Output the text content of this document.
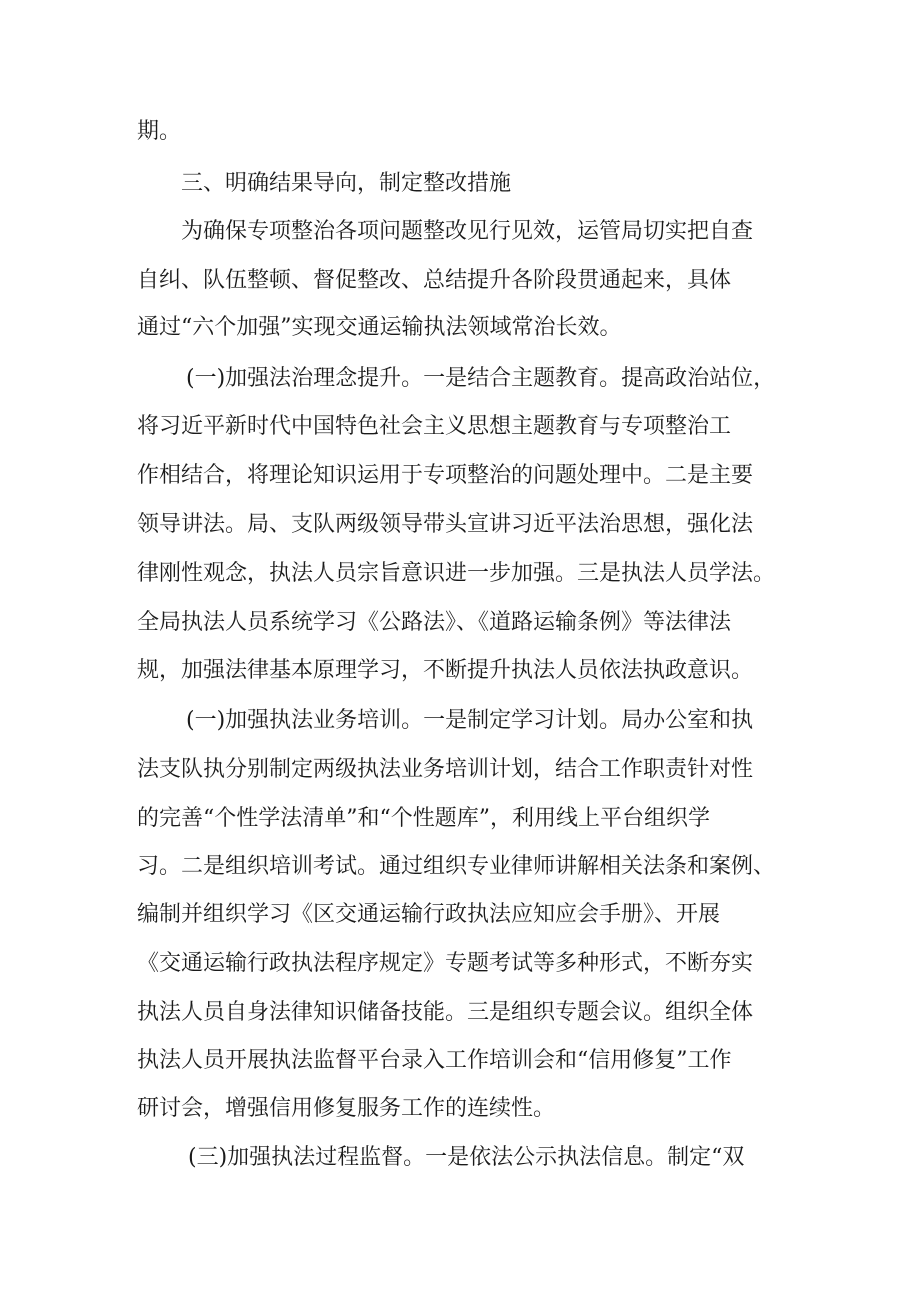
期。
三、明确结果导向，制定整改措施
为确保专项整治各项问题整改见行见效，运管局切实把自查
自纠、队伍整顿、督促整改、总结提升各阶段贯通起来，具体
通过“六个加强”实现交通运输执法领域常治长效。
(一)加强法治理念提升。一是结合主题教育。提高政治站位，
将习近平新时代中国特色社会主义思想主题教育与专项整治工
作相结合，将理论知识运用于专项整治的问题处理中。二是主要
领导讲法。局、支队两级领导带头宣讲习近平法治思想，强化法
律刚性观念，执法人员宗旨意识进一步加强。三是执法人员学法。
全局执法人员系统学习《公路法》、《道路运输条例》等法律法
规，加强法律基本原理学习，不断提升执法人员依法执政意识。
(一)加强执法业务培训。一是制定学习计划。局办公室和执
法支队执分别制定两级执法业务培训计划，结合工作职责针对性
的完善“个性学法清单”和“个性题库”，利用线上平台组织学
习。二是组织培训考试。通过组织专业律师讲解相关法条和案例、
编制并组织学习《区交通运输行政执法应知应会手册》、开展
《交通运输行政执法程序规定》专题考试等多种形式，不断夯实
执法人员自身法律知识储备技能。三是组织专题会议。组织全体
执法人员开展执法监督平台录入工作培训会和“信用修复”工作
研讨会，增强信用修复服务工作的连续性。
(三)加强执法过程监督。一是依法公示执法信息。制定“双
